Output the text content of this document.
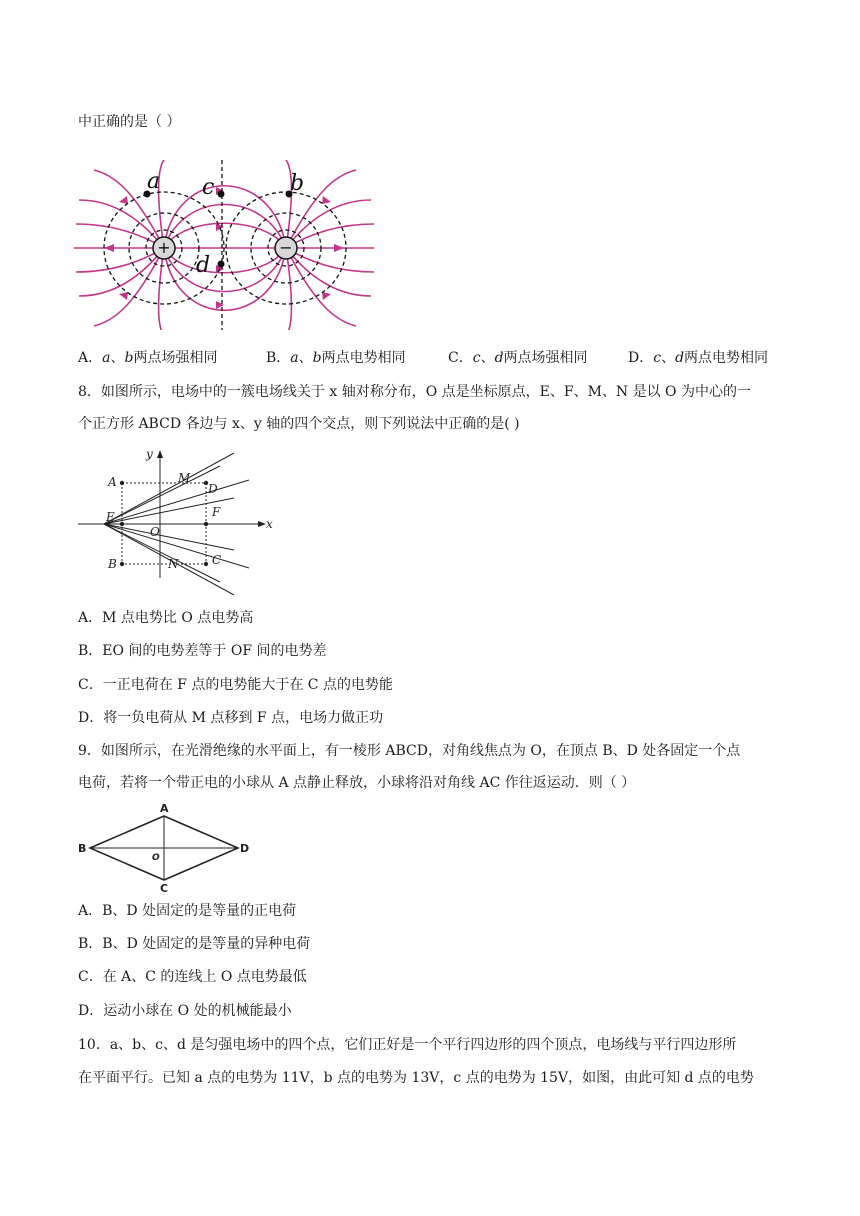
中正确的是（ ）
+	−
a c	b
d
A．a、b两点场强相同	B．a、b两点电势相同	C．c、d两点场强相同	D．c、d两点电势相同
8．如图所示，电场中的一簇电场线关于 x 轴对称分布，O 点是坐标原点，E、F、M、N 是以 O 为中心的一
个正方形 ABCD 各边与 x、y 轴的四个交点，则下列说法中正确的是( )
y
x
A	M
D
F
E
O
C
B	N
A．M 点电势比 O 点电势高
B．EO 间的电势差等于 OF 间的电势差
C．一正电荷在 F 点的电势能大于在 C 点的电势能
D．将一负电荷从 M 点移到 F 点，电场力做正功
9．如图所示，在光滑绝缘的水平面上，有一棱形 ABCD，对角线焦点为 O，在顶点 B、D 处各固定一个点
电荷，若将一个带正电的小球从 A 点静止释放，小球将沿对角线 AC 作往返运动．则（ ）
A
B	D
C
O
A．B、D 处固定的是等量的正电荷
B．B、D 处固定的是等量的异种电荷
C．在 A、C 的连线上 O 点电势最低
D．运动小球在 O 处的机械能最小
10．a、b、c、d 是匀强电场中的四个点，它们正好是一个平行四边形的四个顶点，电场线与平行四边形所
在平面平行。已知 a 点的电势为 11V，b 点的电势为 13V，c 点的电势为 15V，如图，由此可知 d 点的电势
